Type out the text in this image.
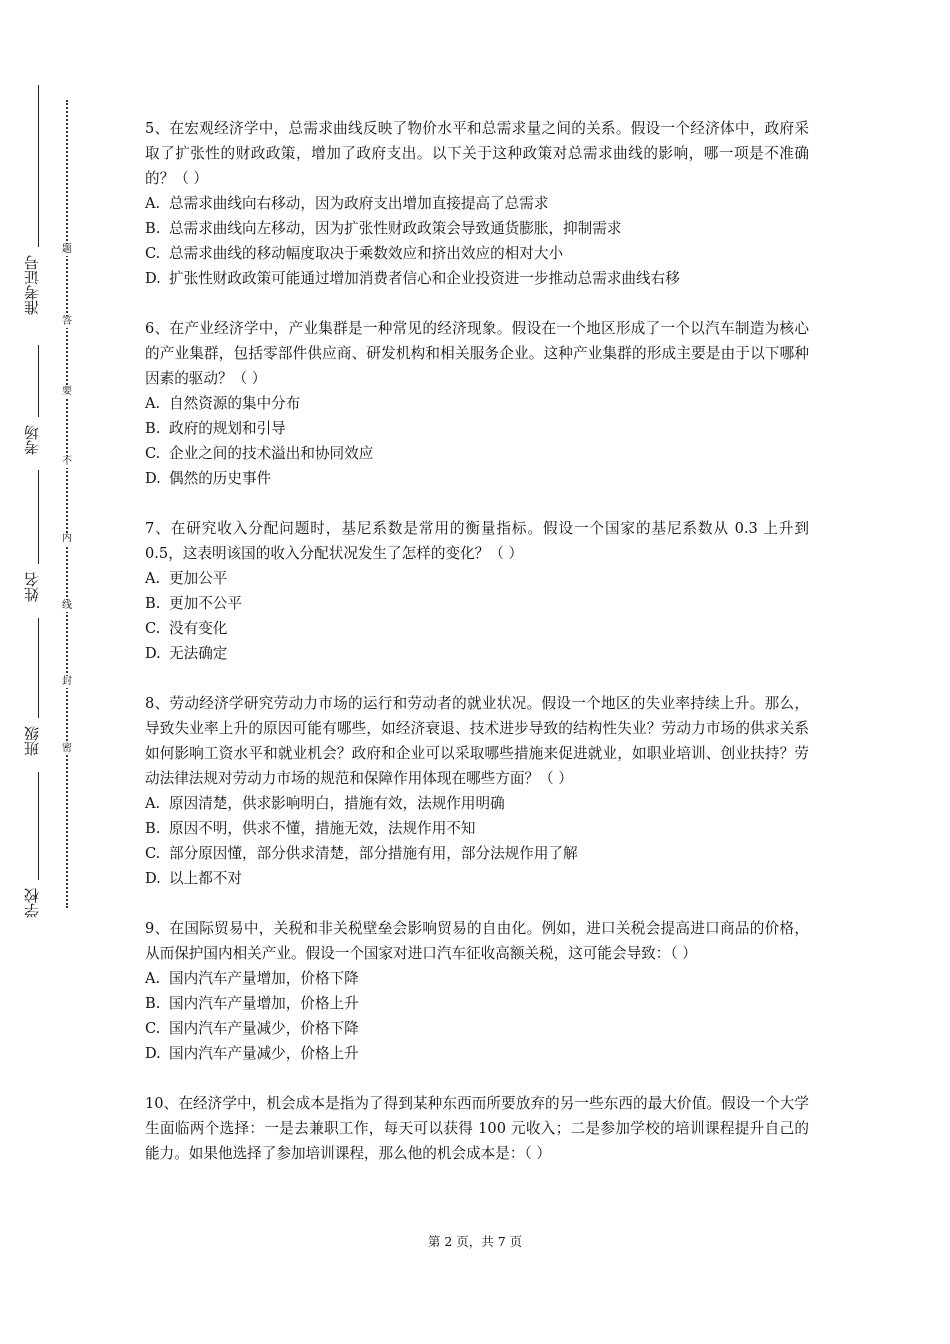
学校
班级
姓名
考场
准考证号
密
封
线
内
不
要
答
题

5、在宏观经济学中，总需求曲线反映了物价水平和总需求量之间的关系。假设一个经济体中，政府采取了扩张性的财政政策，增加了政府支出。以下关于这种政策对总需求曲线的影响，哪一项是不准确的？（ ）

A. 总需求曲线向右移动，因为政府支出增加直接提高了总需求

B. 总需求曲线向左移动，因为扩张性财政政策会导致通货膨胀，抑制需求

C. 总需求曲线的移动幅度取决于乘数效应和挤出效应的相对大小

D. 扩张性财政政策可能通过增加消费者信心和企业投资进一步推动总需求曲线右移

6、在产业经济学中，产业集群是一种常见的经济现象。假设在一个地区形成了一个以汽车制造为核心的产业集群，包括零部件供应商、研发机构和相关服务企业。这种产业集群的形成主要是由于以下哪种因素的驱动？（ ）

A. 自然资源的集中分布

B. 政府的规划和引导

C. 企业之间的技术溢出和协同效应

D. 偶然的历史事件

7、在研究收入分配问题时，基尼系数是常用的衡量指标。假设一个国家的基尼系数从 0.3 上升到 0.5，这表明该国的收入分配状况发生了怎样的变化？（ ）

A. 更加公平

B. 更加不公平

C. 没有变化

D. 无法确定

8、劳动经济学研究劳动力市场的运行和劳动者的就业状况。假设一个地区的失业率持续上升。那么，导致失业率上升的原因可能有哪些，如经济衰退、技术进步导致的结构性失业？劳动力市场的供求关系如何影响工资水平和就业机会？政府和企业可以采取哪些措施来促进就业，如职业培训、创业扶持？劳动法律法规对劳动力市场的规范和保障作用体现在哪些方面？（ ）

A. 原因清楚，供求影响明白，措施有效，法规作用明确

B. 原因不明，供求不懂，措施无效，法规作用不知

C. 部分原因懂，部分供求清楚，部分措施有用，部分法规作用了解

D. 以上都不对

9、在国际贸易中，关税和非关税壁垒会影响贸易的自由化。例如，进口关税会提高进口商品的价格，从而保护国内相关产业。假设一个国家对进口汽车征收高额关税，这可能会导致：（ ）

A. 国内汽车产量增加，价格下降

B. 国内汽车产量增加，价格上升

C. 国内汽车产量减少，价格下降

D. 国内汽车产量减少，价格上升

10、在经济学中，机会成本是指为了得到某种东西而所要放弃的另一些东西的最大价值。假设一个大学生面临两个选择：一是去兼职工作，每天可以获得 100 元收入；二是参加学校的培训课程提升自己的能力。如果他选择了参加培训课程，那么他的机会成本是：（ ）

第 2 页，共 7 页
